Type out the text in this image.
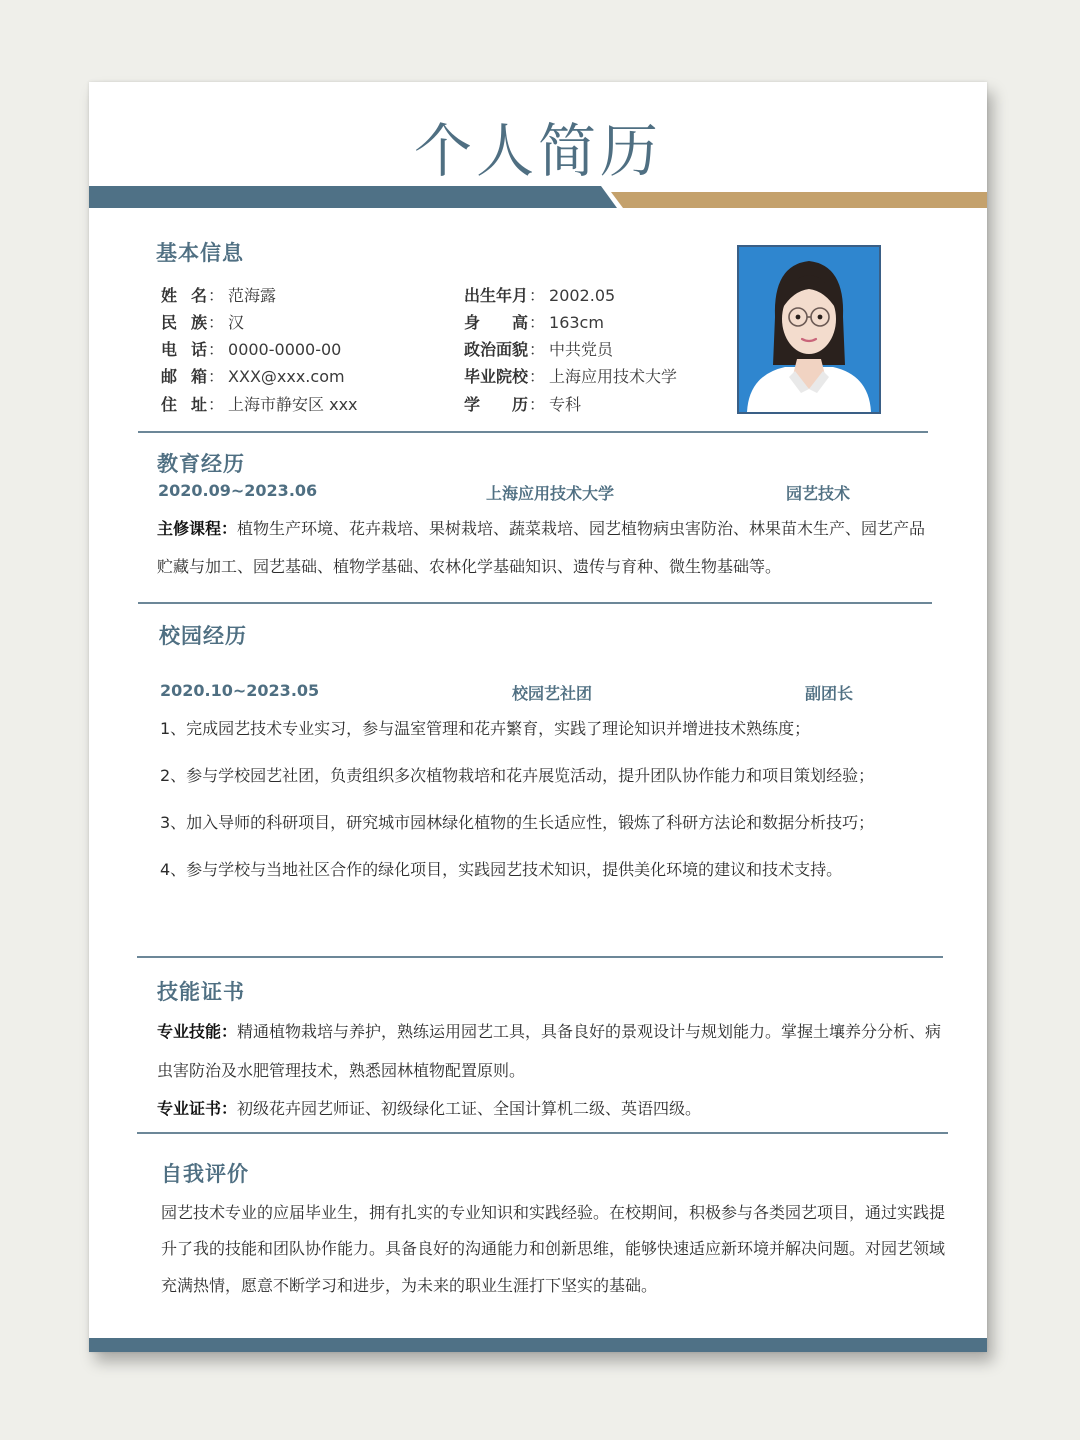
个人简历
基本信息
姓名： 范海露
民族： 汉
电话： 0000-0000-00
邮箱： XXX@xxx.com
住址： 上海市静安区 xxx
出生年月： 2002.05
身高： 163cm
政治面貌： 中共党员
毕业院校： 上海应用技术大学
学历： 专科
教育经历
2020.09~2023.06	上海应用技术大学	园艺技术
主修课程：植物生产环境、花卉栽培、果树栽培、蔬菜栽培、园艺植物病虫害防治、林果苗木生产、园艺产品
贮藏与加工、园艺基础、植物学基础、农林化学基础知识、遗传与育种、微生物基础等。
校园经历
2020.10~2023.05	校园艺社团	副团长
1、完成园艺技术专业实习，参与温室管理和花卉繁育，实践了理论知识并增进技术熟练度；
2、参与学校园艺社团，负责组织多次植物栽培和花卉展览活动，提升团队协作能力和项目策划经验；
3、加入导师的科研项目，研究城市园林绿化植物的生长适应性，锻炼了科研方法论和数据分析技巧；
4、参与学校与当地社区合作的绿化项目，实践园艺技术知识，提供美化环境的建议和技术支持。
技能证书
专业技能：精通植物栽培与养护，熟练运用园艺工具，具备良好的景观设计与规划能力。掌握土壤养分分析、病
虫害防治及水肥管理技术，熟悉园林植物配置原则。
专业证书：初级花卉园艺师证、初级绿化工证、全国计算机二级、英语四级。
自我评价
园艺技术专业的应届毕业生，拥有扎实的专业知识和实践经验。在校期间，积极参与各类园艺项目，通过实践提
升了我的技能和团队协作能力。具备良好的沟通能力和创新思维，能够快速适应新环境并解决问题。对园艺领域
充满热情，愿意不断学习和进步，为未来的职业生涯打下坚实的基础。
